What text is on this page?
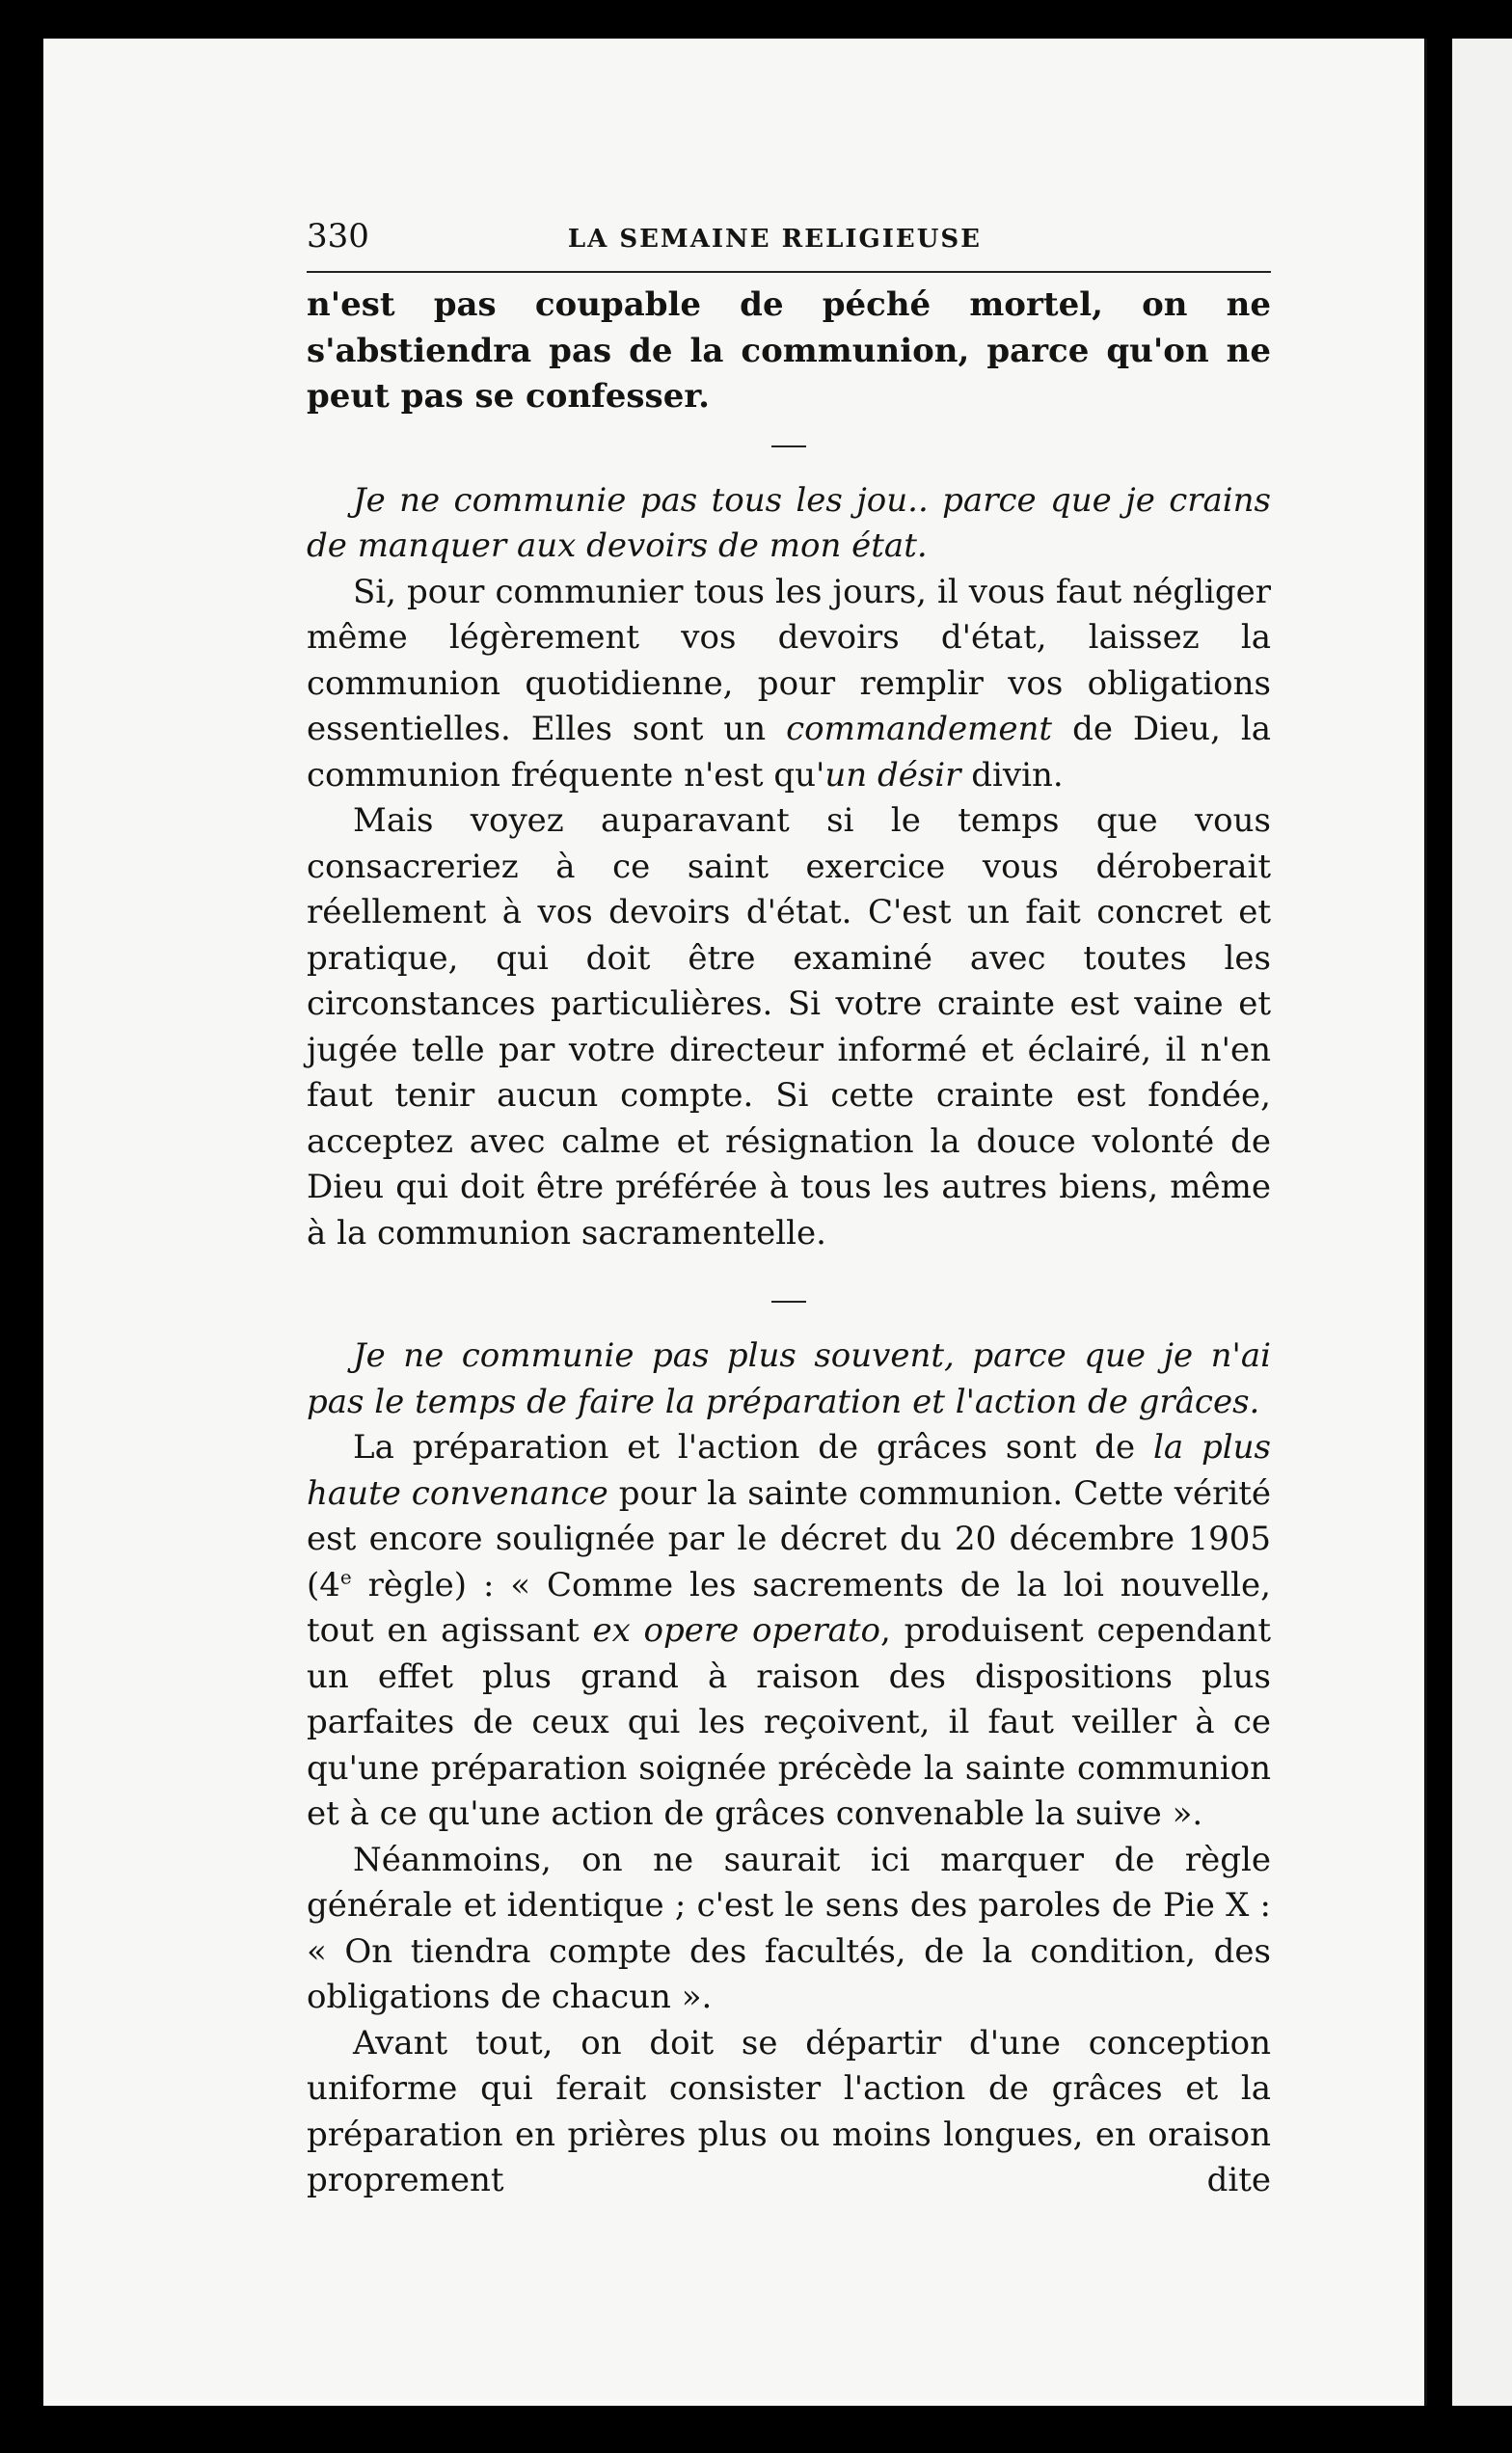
330	LA SEMAINE RELIGIEUSE

n'est pas coupable de péché mortel, on ne s'abstiendra pas de la communion, parce qu'on ne peut pas se confesser.

Je ne communie pas tous les jou.. parce que je crains de manquer aux devoirs de mon état.

Si, pour communier tous les jours, il vous faut négliger même légèrement vos devoirs d'état, laissez la communion quotidienne, pour remplir vos obligations essentielles. Elles sont un commandement de Dieu, la communion fréquente n'est qu'un désir divin.

Mais voyez auparavant si le temps que vous consacreriez à ce saint exercice vous déroberait réellement à vos devoirs d'état. C'est un fait concret et pratique, qui doit être examiné avec toutes les circonstances particulières. Si votre crainte est vaine et jugée telle par votre directeur informé et éclairé, il n'en faut tenir aucun compte. Si cette crainte est fondée, acceptez avec calme et résignation la douce volonté de Dieu qui doit être préférée à tous les autres biens, même à la communion sacramentelle.

Je ne communie pas plus souvent, parce que je n'ai pas le temps de faire la préparation et l'action de grâces.

La préparation et l'action de grâces sont de la plus haute convenance pour la sainte communion. Cette vérité est encore soulignée par le décret du 20 décembre 1905 (4e règle) : « Comme les sacrements de la loi nouvelle, tout en agissant ex opere operato, produisent cependant un effet plus grand à raison des dispositions plus parfaites de ceux qui les reçoivent, il faut veiller à ce qu'une préparation soignée précède la sainte communion et à ce qu'une action de grâces convenable la suive ».

Néanmoins, on ne saurait ici marquer de règle générale et identique ; c'est le sens des paroles de Pie X : « On tiendra compte des facultés, de la condition, des obligations de chacun ».

Avant tout, on doit se départir d'une conception uniforme qui ferait consister l'action de grâces et la préparation en prières plus ou moins longues, en oraison proprement dite
